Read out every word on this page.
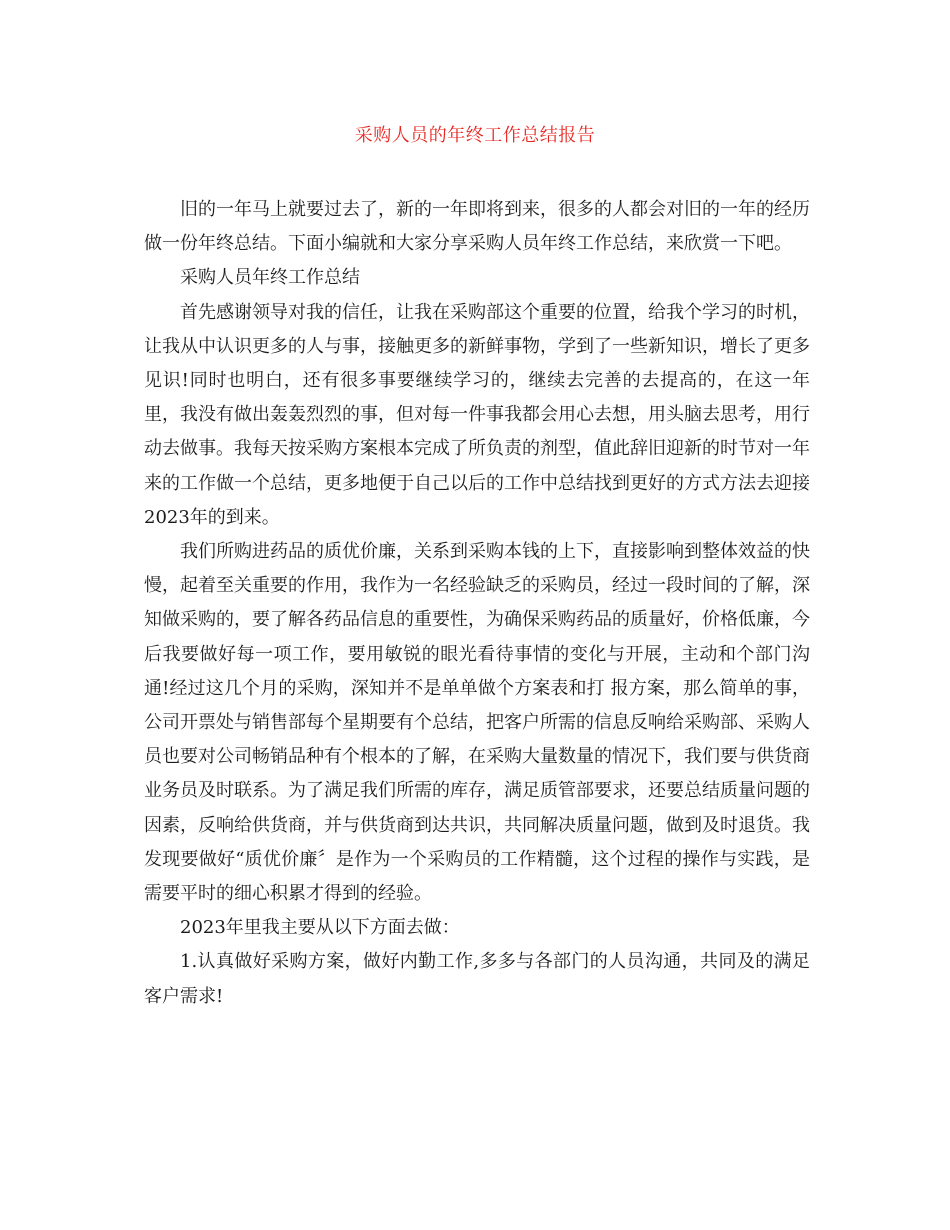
采购人员的年终工作总结报告

旧的一年马上就要过去了，新的一年即将到来，很多的人都会对旧的一年的经历做一份年终总结。下面小编就和大家分享采购人员年终工作总结，来欣赏一下吧。

采购人员年终工作总结

首先感谢领导对我的信任，让我在采购部这个重要的位置，给我个学习的时机，让我从中认识更多的人与事，接触更多的新鲜事物，学到了一些新知识，增长了更多见识!同时也明白，还有很多事要继续学习的，继续去完善的去提高的，在这一年里，我没有做出轰轰烈烈的事，但对每一件事我都会用心去想，用头脑去思考，用行动去做事。我每天按采购方案根本完成了所负责的剂型，值此辞旧迎新的时节对一年来的工作做一个总结，更多地便于自己以后的工作中总结找到更好的方式方法去迎接2023年的到来。

我们所购进药品的质优价廉，关系到采购本钱的上下，直接影响到整体效益的快慢，起着至关重要的作用，我作为一名经验缺乏的采购员，经过一段时间的了解，深知做采购的，要了解各药品信息的重要性，为确保采购药品的质量好，价格低廉，今后我要做好每一项工作，要用敏锐的眼光看待事情的变化与开展，主动和个部门沟通!经过这几个月的采购，深知并不是单单做个方案表和打 报方案，那么简单的事，公司开票处与销售部每个星期要有个总结，把客户所需的信息反响给采购部、采购人员也要对公司畅销品种有个根本的了解，在采购大量数量的情况下，我们要与供货商业务员及时联系。为了满足我们所需的库存，满足质管部要求，还要总结质量问题的因素，反响给供货商，并与供货商到达共识，共同解决质量问题，做到及时退货。我发现要做好“质优价廉〞是作为一个采购员的工作精髓，这个过程的操作与实践，是需要平时的细心积累才得到的经验。

2023年里我主要从以下方面去做：

1.认真做好采购方案，做好内勤工作,多多与各部门的人员沟通，共同及的满足客户需求!
